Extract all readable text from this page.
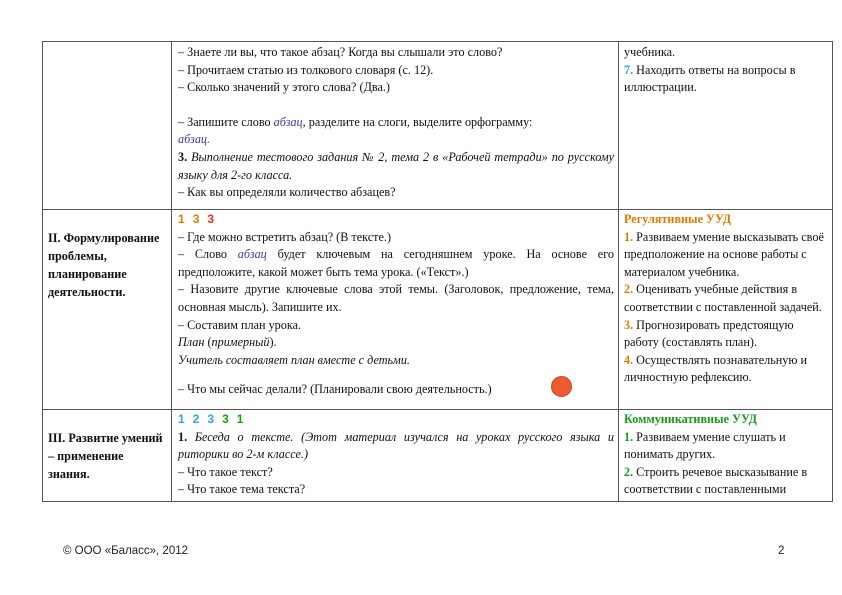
– Знаете ли вы, что такое абзац? Когда вы слышали это слово?
– Прочитаем статью из толкового словаря (с. 12).
– Сколько значений у этого слова? (Два.)
– Запишите слово абзац, разделите на слоги, выделите орфограмму:
абзац.
3. Выполнение тестового задания № 2, тема 2 в «Рабочей тетради» по русскому языку для 2-го класса.
– Как вы определяли количество абзацев?
учебника.
7. Находить ответы на вопросы в иллюстрации.
II. Формулирование проблемы, планирование деятельности.
1 3 3
– Где можно встретить абзац? (В тексте.)
– Слово абзац будет ключевым на сегодняшнем уроке. На основе его предположите, какой может быть тема урока. («Текст».)
– Назовите другие ключевые слова этой темы. (Заголовок, предложение, тема, основная мысль). Запишите их.
– Составим план урока.
План (примерный).
Учитель составляет план вместе с детьми.
– Что мы сейчас делали? (Планировали свою деятельность.)
Регулятивные УУД
1. Развиваем умение высказывать своё предположение на основе работы с материалом учебника.
2. Оценивать учебные действия в соответствии с поставленной задачей.
3. Прогнозировать предстоящую работу (составлять план).
4. Осуществлять познавательную и личностную рефлексию.
III. Развитие умений – применение знания.
1 2 3 3 1
1. Беседа о тексте. (Этот материал изучался на уроках русского языка и риторики во 2-м классе.)
– Что такое текст?
– Что такое тема текста?
Коммуникативные УУД
1. Развиваем умение слушать и понимать других.
2. Строить речевое высказывание в соответствии с поставленными
© ООО «Баласс», 2012	2
